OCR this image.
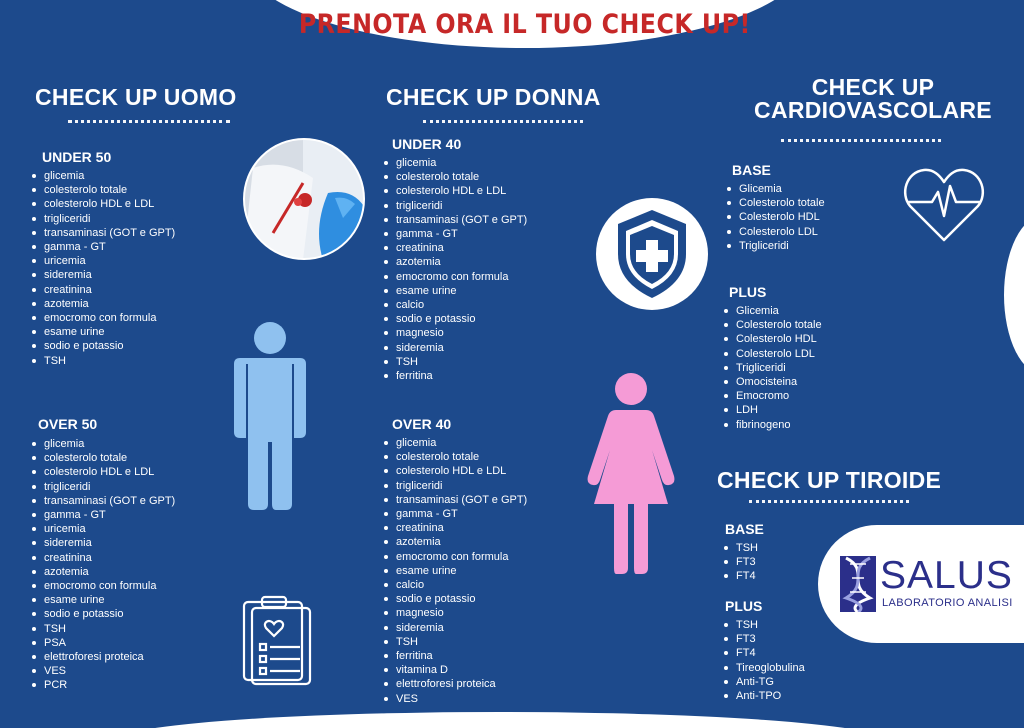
PRENOTA ORA IL TUO CHECK UP!
CHECK UP UOMO
UNDER 50
glicemia
colesterolo totale
colesterolo HDL e LDL
trigliceridi
transaminasi (GOT e GPT)
gamma - GT
uricemia
sideremia
creatinina
azotemia
emocromo con formula
esame urine
sodio e potassio
TSH
OVER 50
glicemia
colesterolo totale
colesterolo HDL e LDL
trigliceridi
transaminasi (GOT e GPT)
gamma - GT
uricemia
sideremia
creatinina
azotemia
emocromo con formula
esame urine
sodio e potassio
TSH
PSA
elettroforesi proteica
VES
PCR
CHECK UP DONNA
UNDER 40
glicemia
colesterolo totale
colesterolo HDL e LDL
trigliceridi
transaminasi (GOT e GPT)
gamma - GT
creatinina
azotemia
emocromo con formula
esame urine
calcio
sodio e potassio
magnesio
sideremia
TSH
ferritina
OVER 40
glicemia
colesterolo totale
colesterolo HDL e LDL
trigliceridi
transaminasi (GOT e GPT)
gamma - GT
creatinina
azotemia
emocromo con formula
esame urine
calcio
sodio e potassio
magnesio
sideremia
TSH
ferritina
vitamina D
elettroforesi proteica
VES
CHECK UP
CARDIOVASCOLARE
BASE
Glicemia
Colesterolo totale
Colesterolo HDL
Colesterolo LDL
Trigliceridi
PLUS
Glicemia
Colesterolo totale
Colesterolo HDL
Colesterolo LDL
Trigliceridi
Omocisteina
Emocromo
LDH
fibrinogeno
CHECK UP TIROIDE
BASE
TSH
FT3
FT4
PLUS
TSH
FT3
FT4
Tireoglobulina
Anti-TG
Anti-TPO
SALUS
LABORATORIO ANALISI
